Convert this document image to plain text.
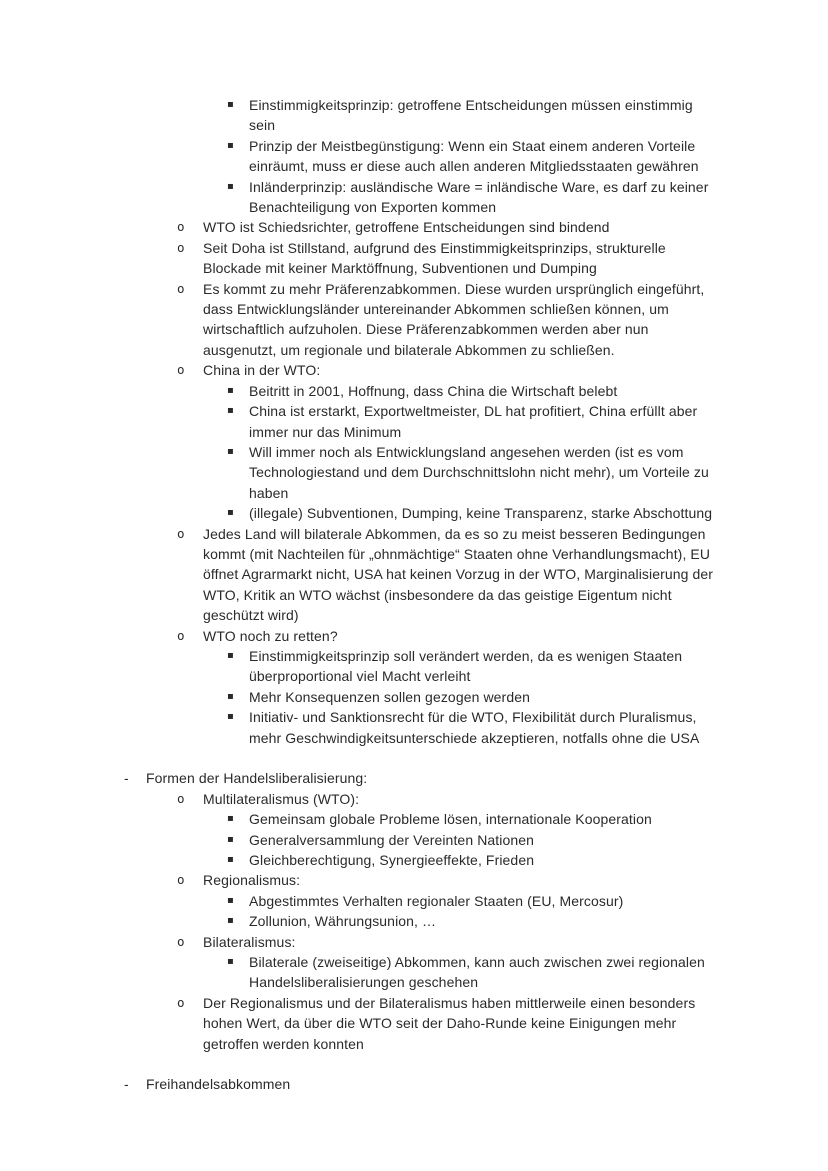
▪	Einstimmigkeitsprinzip: getroffene Entscheidungen müssen einstimmig
sein
▪	Prinzip der Meistbegünstigung: Wenn ein Staat einem anderen Vorteile
einräumt, muss er diese auch allen anderen Mitgliedsstaaten gewähren
▪	Inländerprinzip: ausländische Ware = inländische Ware, es darf zu keiner
Benachteiligung von Exporten kommen
o	WTO ist Schiedsrichter, getroffene Entscheidungen sind bindend
o	Seit Doha ist Stillstand, aufgrund des Einstimmigkeitsprinzips, strukturelle
Blockade mit keiner Marktöffnung, Subventionen und Dumping
o	Es kommt zu mehr Präferenzabkommen. Diese wurden ursprünglich eingeführt,
dass Entwicklungsländer untereinander Abkommen schließen können, um
wirtschaftlich aufzuholen. Diese Präferenzabkommen werden aber nun
ausgenutzt, um regionale und bilaterale Abkommen zu schließen.
o	China in der WTO:
▪	Beitritt in 2001, Hoffnung, dass China die Wirtschaft belebt
▪	China ist erstarkt, Exportweltmeister, DL hat profitiert, China erfüllt aber
immer nur das Minimum
▪	Will immer noch als Entwicklungsland angesehen werden (ist es vom
Technologiestand und dem Durchschnittslohn nicht mehr), um Vorteile zu
haben
▪	(illegale) Subventionen, Dumping, keine Transparenz, starke Abschottung
o	Jedes Land will bilaterale Abkommen, da es so zu meist besseren Bedingungen
kommt (mit Nachteilen für „ohnmächtige“ Staaten ohne Verhandlungsmacht), EU
öffnet Agrarmarkt nicht, USA hat keinen Vorzug in der WTO, Marginalisierung der
WTO, Kritik an WTO wächst (insbesondere da das geistige Eigentum nicht
geschützt wird)
o	WTO noch zu retten?
▪	Einstimmigkeitsprinzip soll verändert werden, da es wenigen Staaten
überproportional viel Macht verleiht
▪	Mehr Konsequenzen sollen gezogen werden
▪	Initiativ- und Sanktionsrecht für die WTO, Flexibilität durch Pluralismus,
mehr Geschwindigkeitsunterschiede akzeptieren, notfalls ohne die USA
-	Formen der Handelsliberalisierung:
o	Multilateralismus (WTO):
▪	Gemeinsam globale Probleme lösen, internationale Kooperation
▪	Generalversammlung der Vereinten Nationen
▪	Gleichberechtigung, Synergieeffekte, Frieden
o	Regionalismus:
▪	Abgestimmtes Verhalten regionaler Staaten (EU, Mercosur)
▪	Zollunion, Währungsunion, …
o	Bilateralismus:
▪	Bilaterale (zweiseitige) Abkommen, kann auch zwischen zwei regionalen
Handelsliberalisierungen geschehen
o	Der Regionalismus und der Bilateralismus haben mittlerweile einen besonders
hohen Wert, da über die WTO seit der Daho-Runde keine Einigungen mehr
getroffen werden konnten
-	Freihandelsabkommen
